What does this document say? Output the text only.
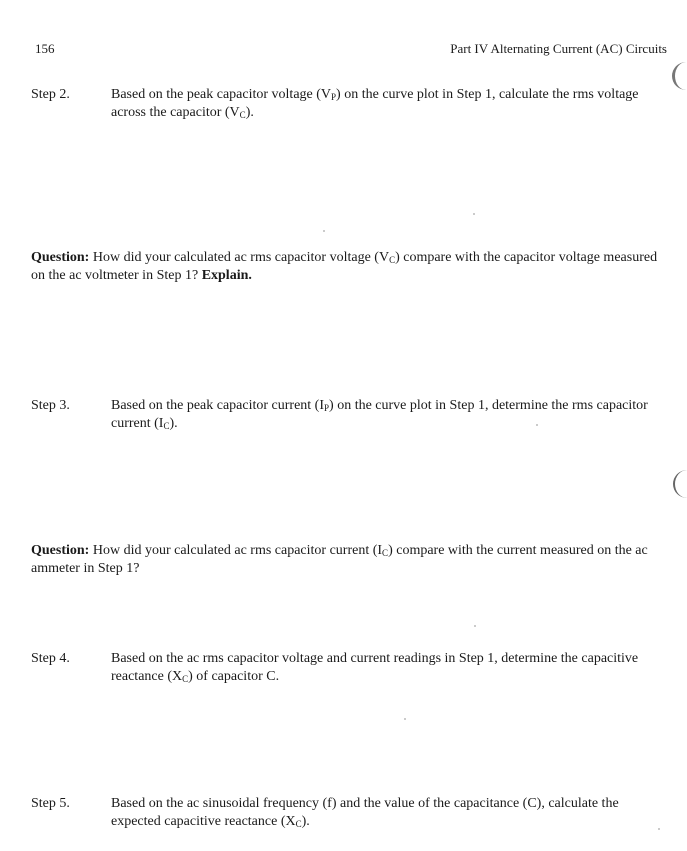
156	Part IV Alternating Current (AC) Circuits
Step 2.	Based on the peak capacitor voltage $(V_P)$ on the curve plot in Step 1, calculate the rms voltage across the capacitor $(V_C)$.
Question: How did your calculated ac rms capacitor voltage $(V_C)$ compare with the capacitor voltage measured on the ac voltmeter in Step 1? Explain.
Step 3.	Based on the peak capacitor current $(I_P)$ on the curve plot in Step 1, determine the rms capacitor current $(I_C)$.
Question: How did your calculated ac rms capacitor current $(I_C)$ compare with the current measured on the ac ammeter in Step 1?
Step 4.	Based on the ac rms capacitor voltage and current readings in Step 1, determine the capacitive reactance $(X_C)$ of capacitor C.
Step 5.	Based on the ac sinusoidal frequency (f) and the value of the capacitance (C), calculate the expected capacitive reactance $(X_C)$.
